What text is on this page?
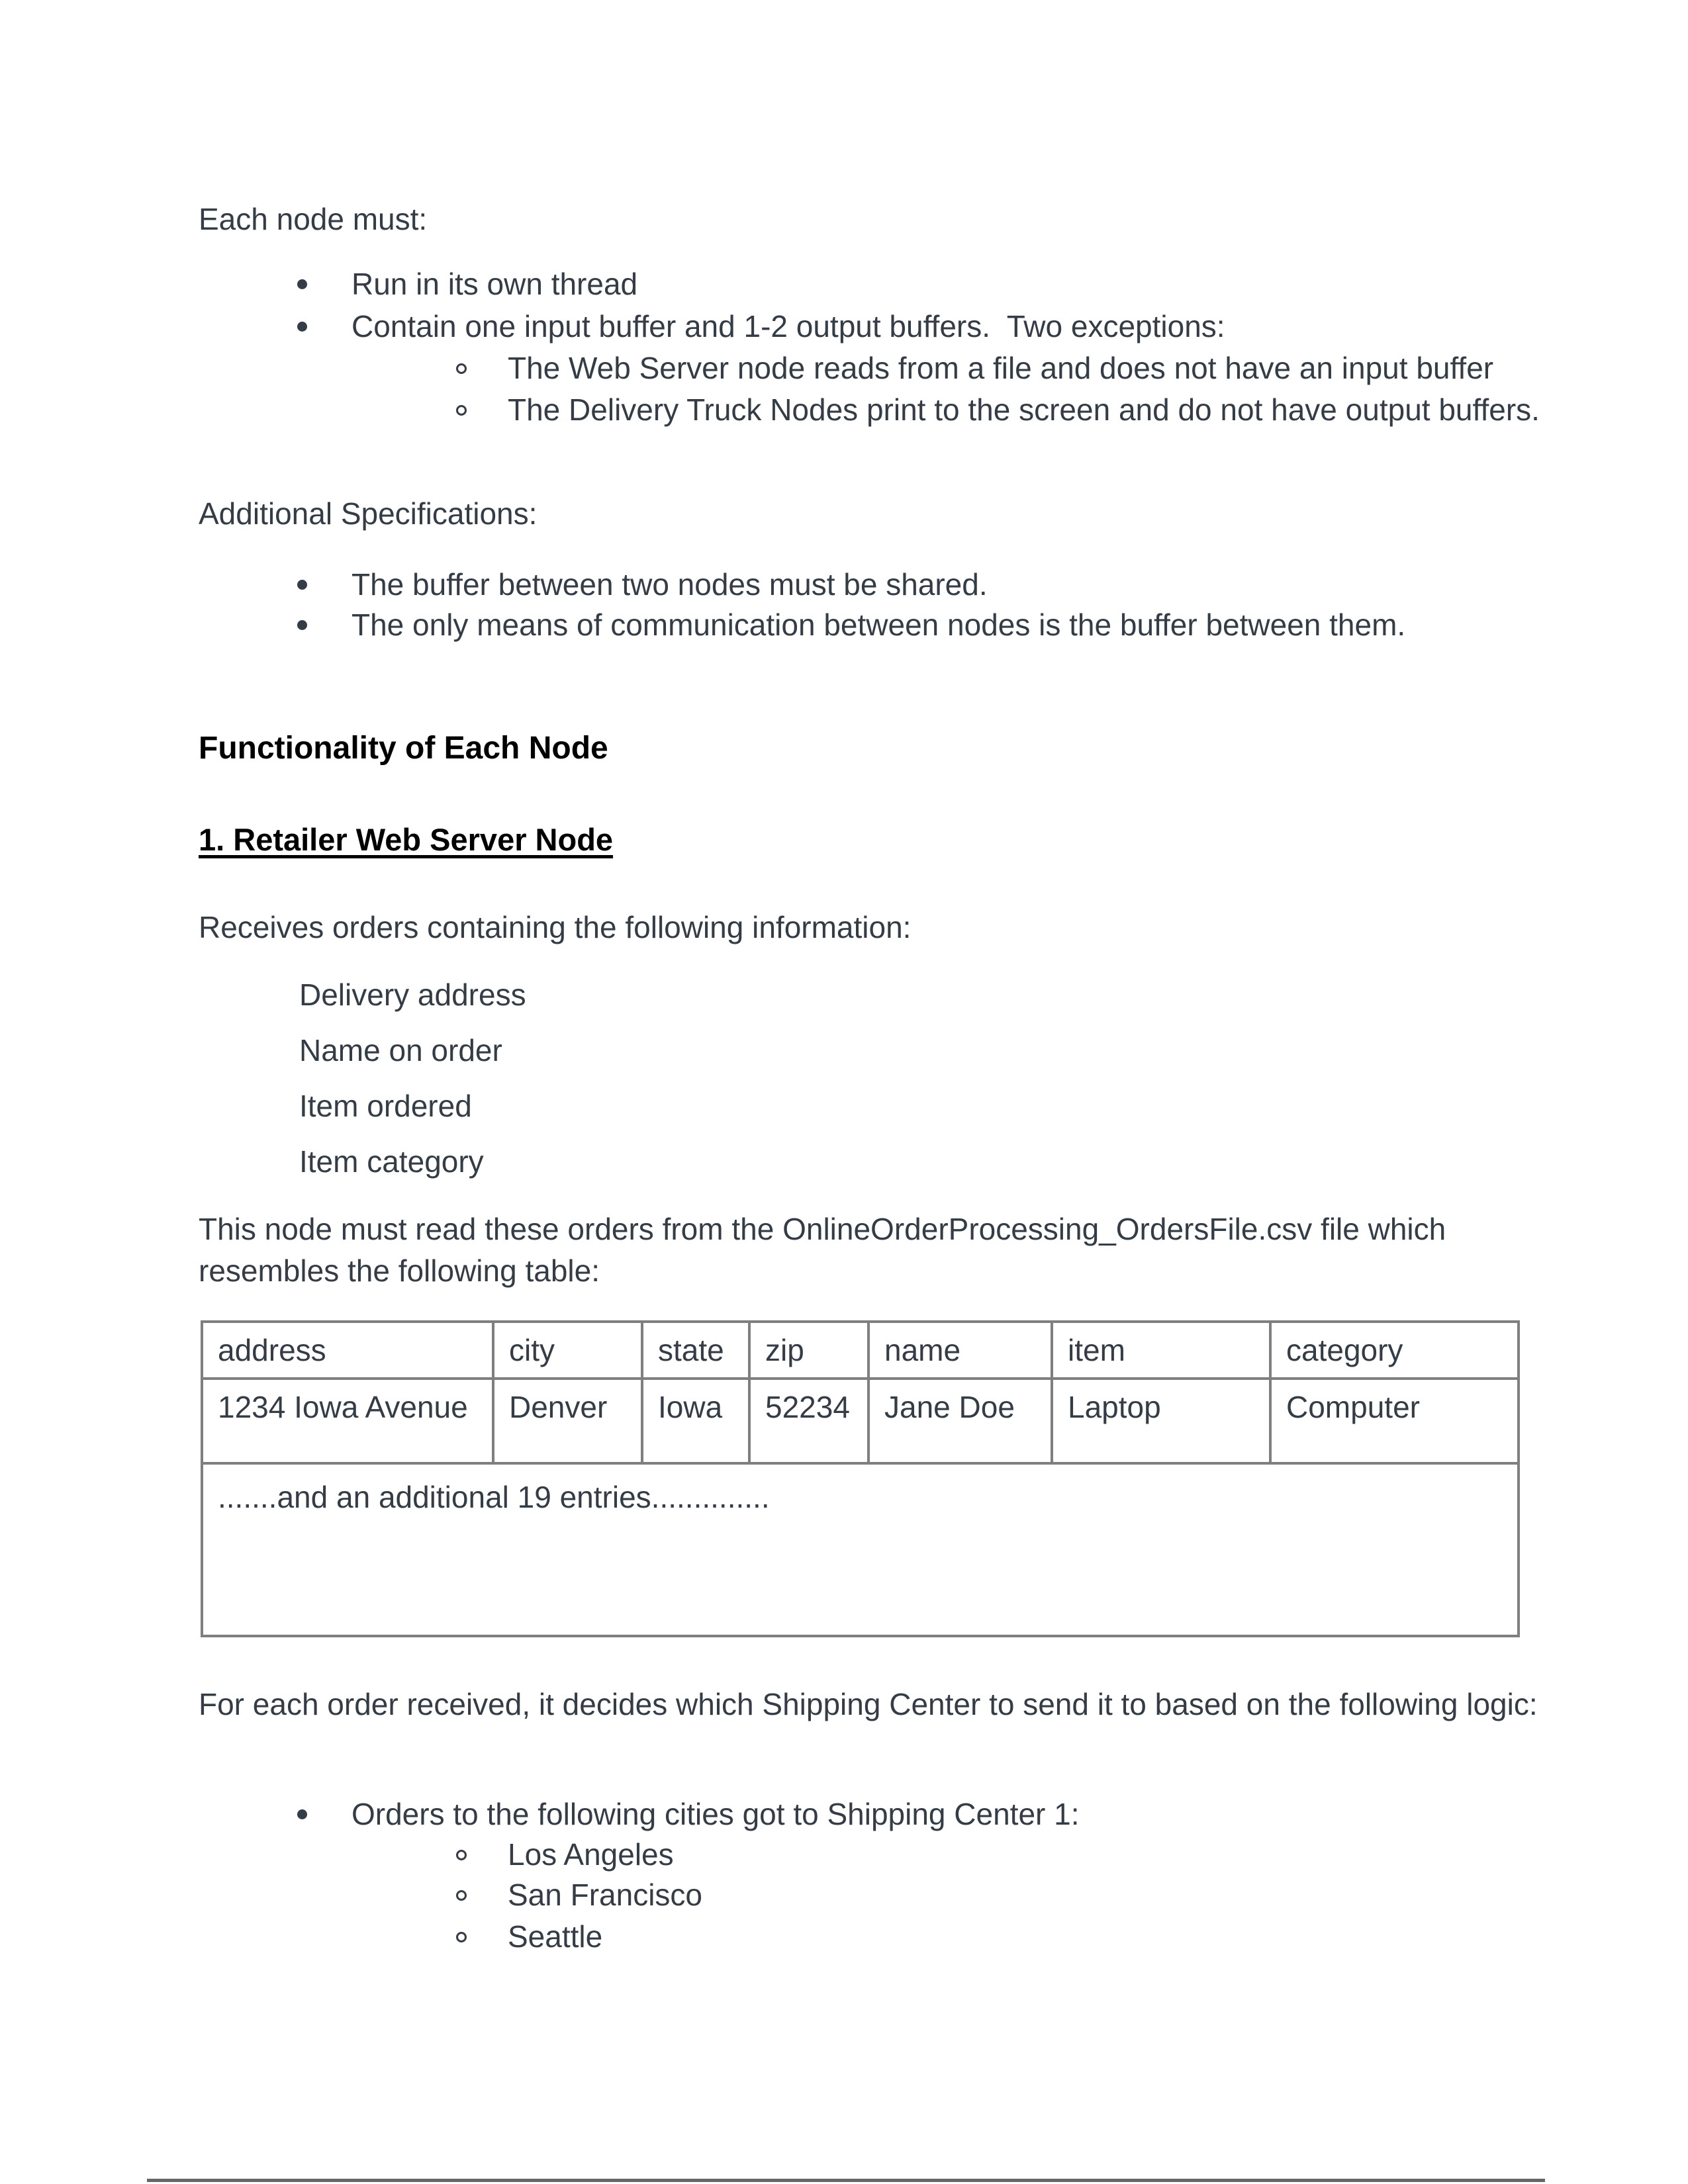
Each node must:
Run in its own thread
Contain one input buffer and 1-2 output buffers.  Two exceptions:
The Web Server node reads from a file and does not have an input buffer
The Delivery Truck Nodes print to the screen and do not have output buffers.
Additional Specifications:
The buffer between two nodes must be shared.
The only means of communication between nodes is the buffer between them.
Functionality of Each Node
1. Retailer Web Server Node
Receives orders containing the following information:
Delivery address
Name on order
Item ordered
Item category
This node must read these orders from the OnlineOrderProcessing_OrdersFile.csv file which resembles the following table:
address	city	state	zip	name	item	category
1234 Iowa Avenue	Denver	Iowa	52234	Jane Doe	Laptop	Computer
.......and an additional 19 entries..............						
For each order received, it decides which Shipping Center to send it to based on the following logic:
Orders to the following cities got to Shipping Center 1:
Los Angeles
San Francisco
Seattle
